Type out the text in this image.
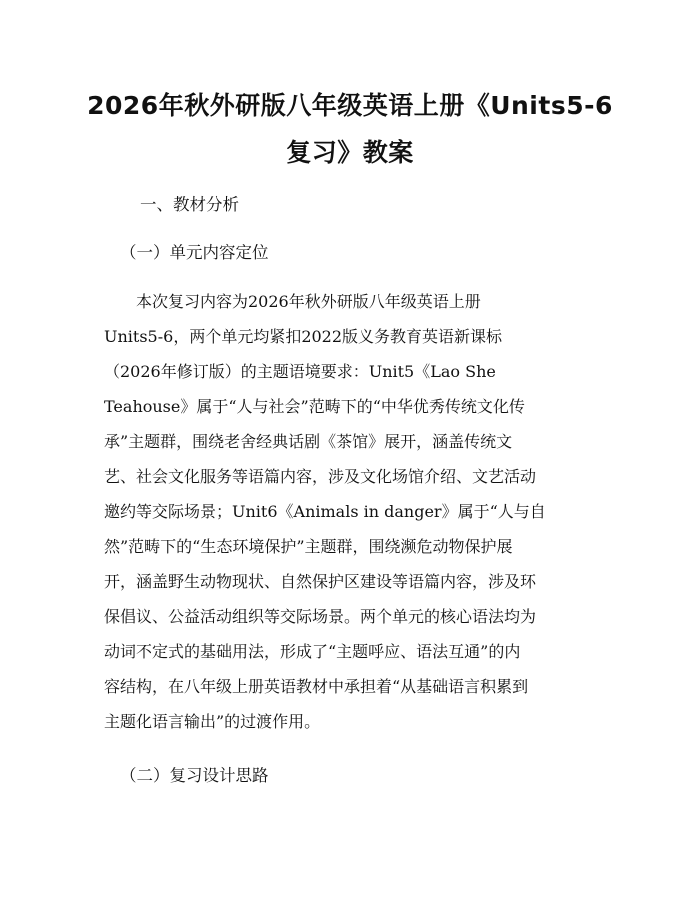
2026年秋外研版八年级英语上册《Units5-6
复习》教案
一、教材分析
（一）单元内容定位
　　本次复习内容为2026年秋外研版八年级英语上册
Units5-6，两个单元均紧扣2022版义务教育英语新课标
（2026年修订版）的主题语境要求：Unit5《Lao She
Teahouse》属于“人与社会”范畴下的“中华优秀传统文化传
承”主题群，围绕老舍经典话剧《茶馆》展开，涵盖传统文
艺、社会文化服务等语篇内容，涉及文化场馆介绍、文艺活动
邀约等交际场景；Unit6《Animals in danger》属于“人与自
然”范畴下的“生态环境保护”主题群，围绕濒危动物保护展
开，涵盖野生动物现状、自然保护区建设等语篇内容，涉及环
保倡议、公益活动组织等交际场景。两个单元的核心语法均为
动词不定式的基础用法，形成了“主题呼应、语法互通”的内
容结构，在八年级上册英语教材中承担着“从基础语言积累到
主题化语言输出”的过渡作用。
（二）复习设计思路
